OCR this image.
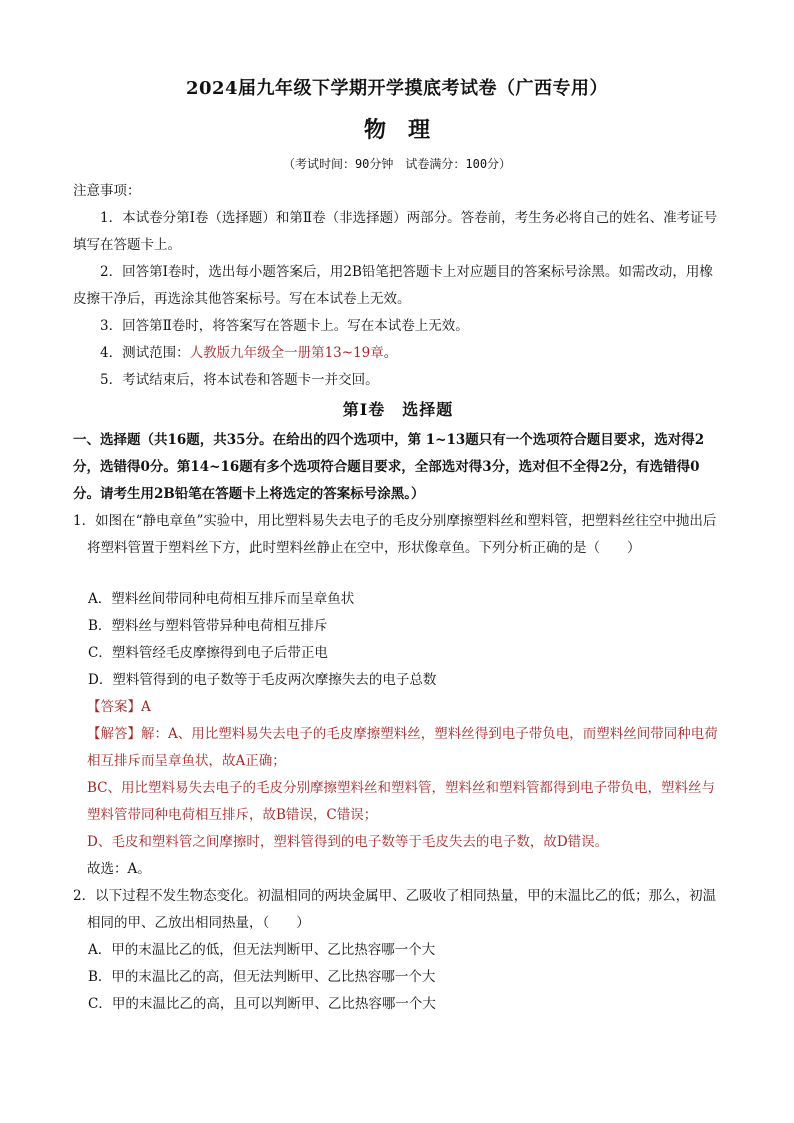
2024届九年级下学期开学摸底考试卷（广西专用）
物　理
（考试时间：90分钟　试卷满分：100分）

注意事项：

1．本试卷分第Ⅰ卷（选择题）和第Ⅱ卷（非选择题）两部分。答卷前，考生务必将自己的姓名、准考证号填写在答题卡上。

2．回答第Ⅰ卷时，选出每小题答案后，用2B铅笔把答题卡上对应题目的答案标号涂黑。如需改动，用橡皮擦干净后，再选涂其他答案标号。写在本试卷上无效。

3．回答第Ⅱ卷时，将答案写在答题卡上。写在本试卷上无效。

4．测试范围：人教版九年级全一册第13~19章。

5．考试结束后，将本试卷和答题卡一并交回。

第Ⅰ卷　选择题

一、选择题（共16题，共35分。在给出的四个选项中，第 1~13题只有一个选项符合题目要求，选对得2分，选错得0分。第14~16题有多个选项符合题目要求，全部选对得3分，选对但不全得2分，有选错得0分。请考生用2B铅笔在答题卡上将选定的答案标号涂黑。）

1．如图在“静电章鱼”实验中，用比塑料易失去电子的毛皮分别摩擦塑料丝和塑料管，把塑料丝往空中抛出后将塑料管置于塑料丝下方，此时塑料丝静止在空中，形状像章鱼。下列分析正确的是（　　）

A．塑料丝间带同种电荷相互排斥而呈章鱼状

B．塑料丝与塑料管带异种电荷相互排斥

C．塑料管经毛皮摩擦得到电子后带正电

D．塑料管得到的电子数等于毛皮两次摩擦失去的电子总数

【答案】A

【解答】解：A、用比塑料易失去电子的毛皮摩擦塑料丝，塑料丝得到电子带负电，而塑料丝间带同种电荷相互排斥而呈章鱼状，故A正确；

BC、用比塑料易失去电子的毛皮分别摩擦塑料丝和塑料管，塑料丝和塑料管都得到电子带负电，塑料丝与塑料管带同种电荷相互排斥，故B错误，C错误；

D、毛皮和塑料管之间摩擦时，塑料管得到的电子数等于毛皮失去的电子数，故D错误。

故选：A。

2．以下过程不发生物态变化。初温相同的两块金属甲、乙吸收了相同热量，甲的末温比乙的低；那么，初温相同的甲、乙放出相同热量，（　　）

A．甲的末温比乙的低，但无法判断甲、乙比热容哪一个大

B．甲的末温比乙的高，但无法判断甲、乙比热容哪一个大

C．甲的末温比乙的高，且可以判断甲、乙比热容哪一个大
